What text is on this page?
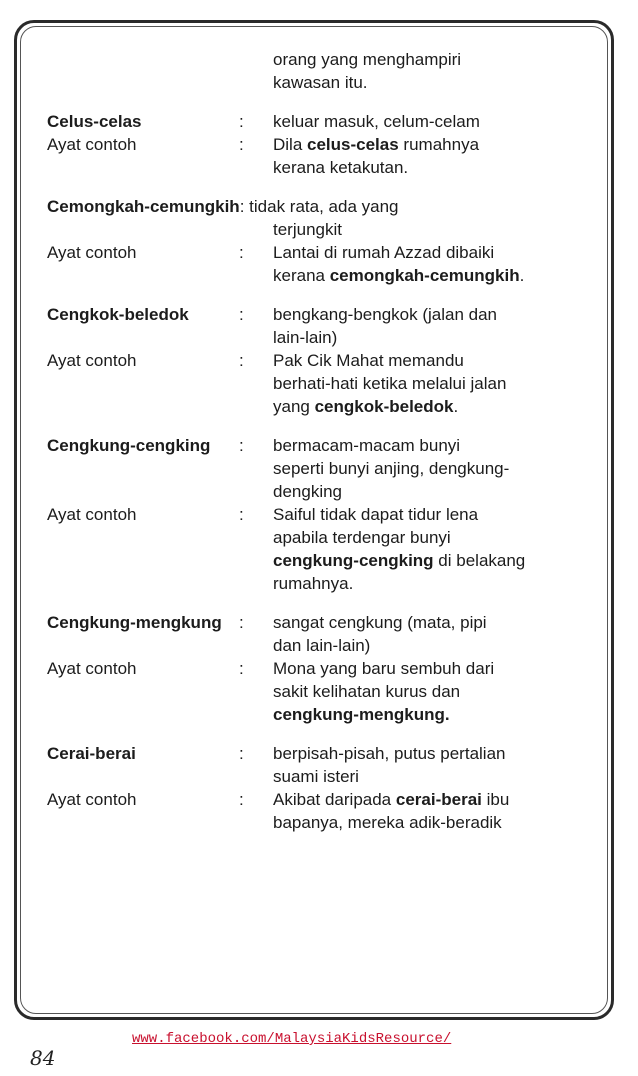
orang yang menghampiri
kawasan itu.
Celus-celas	: keluar masuk, celum-celam
Ayat contoh	: Dila celus-celas rumahnya
kerana ketakutan.
Cemongkah-cemungkih: tidak rata, ada yang
terjungkit
Ayat contoh	: Lantai di rumah Azzad dibaiki
kerana cemongkah-cemungkih.
Cengkok-beledok	: bengkang-bengkok (jalan dan
lain-lain)
Ayat contoh	: Pak Cik Mahat memandu
berhati-hati ketika melalui jalan
yang cengkok-beledok.
Cengkung-cengking : bermacam-macam bunyi
seperti bunyi anjing, dengkung-
dengking
Ayat contoh	: Saiful tidak dapat tidur lena
apabila terdengar bunyi
cengkung-cengking di belakang
rumahnya.
Cengkung-mengkung : sangat cengkung (mata, pipi
dan lain-lain)
Ayat contoh	: Mona yang baru sembuh dari
sakit kelihatan kurus dan
cengkung-mengkung.
Cerai-berai	: berpisah-pisah, putus pertalian
suami isteri
Ayat contoh	: Akibat daripada cerai-berai ibu
bapanya, mereka adik-beradik
www.facebook.com/MalaysiaKidsResource/
84
